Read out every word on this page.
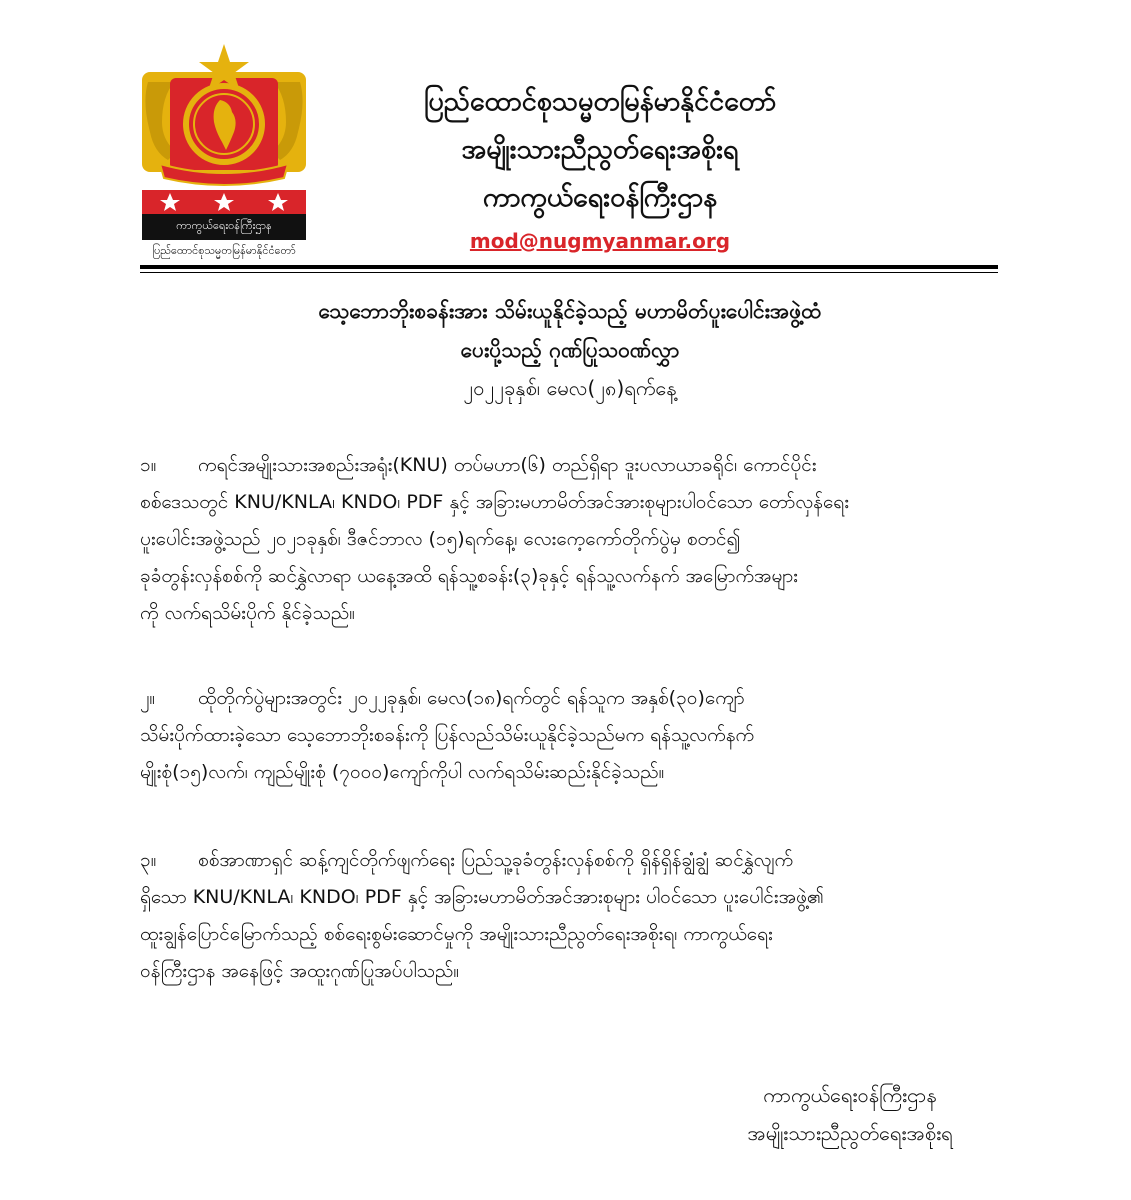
ကာကွယ်ရေးဝန်ကြီးဌာန
ပြည်ထောင်စုသမ္မတမြန်မာနိုင်ငံတော်
ပြည်ထောင်စုသမ္မတမြန်မာနိုင်ငံတော်
အမျိုးသားညီညွတ်ရေးအစိုးရ
ကာကွယ်ရေးဝန်ကြီးဌာန
mod@nugmyanmar.org
သေ့ဘောဘိုးစခန်းအား သိမ်းယူနိုင်ခဲ့သည့် မဟာမိတ်ပူးပေါင်းအဖွဲ့ထံ
ပေးပို့သည့် ဂုဏ်ပြုသဝဏ်လွှာ
၂၀၂၂ခုနှစ်၊ မေလ(၂၈)ရက်နေ့
၁။ ကရင်အမျိုးသားအစည်းအရုံး(KNU) တပ်မဟာ(၆) တည်ရှိရာ ဒူးပလာယာခရိုင်၊ ကောင်ပိုင်း
စစ်ဒေသတွင် KNU/KNLA၊ KNDO၊ PDF နှင့် အခြားမဟာမိတ်အင်အားစုများပါဝင်သော တော်လှန်ရေး
ပူးပေါင်းအဖွဲ့သည် ၂၀၂၁ခုနှစ်၊ ဒီဇင်ဘာလ (၁၅)ရက်နေ့၊ လေးကေ့ကော်တိုက်ပွဲမှ စတင်၍
ခုခံတွန်းလှန်စစ်ကို ဆင်နွှဲလာရာ ယနေ့အထိ ရန်သူ့စခန်း(၃)ခုနှင့် ရန်သူ့လက်နက် အမြောက်အများ
ကို လက်ရသိမ်းပိုက် နိုင်ခဲ့သည်။
၂။ ထိုတိုက်ပွဲများအတွင်း ၂၀၂၂ခုနှစ်၊ မေလ(၁၈)ရက်တွင် ရန်သူက အနှစ်(၃၀)ကျော်
သိမ်းပိုက်ထားခဲ့သော သေ့ဘောဘိုးစခန်းကို ပြန်လည်သိမ်းယူနိုင်ခဲ့သည်မက ရန်သူ့လက်နက်
မျိုးစုံ(၁၅)လက်၊ ကျည်မျိုးစုံ (၇၀၀၀)ကျော်ကိုပါ လက်ရသိမ်းဆည်းနိုင်ခဲ့သည်။
၃။ စစ်အာဏာရှင် ဆန့်ကျင်တိုက်ဖျက်ရေး ပြည်သူ့ခုခံတွန်းလှန်စစ်ကို ရှိန်ရှိန်ချွံချွံ ဆင်နွှဲလျက်
ရှိသော KNU/KNLA၊ KNDO၊ PDF နှင့် အခြားမဟာမိတ်အင်အားစုများ ပါဝင်သော ပူးပေါင်းအဖွဲ့၏
ထူးချွန်ပြောင်မြောက်သည့် စစ်ရေးစွမ်းဆောင်မှုကို အမျိုးသားညီညွတ်ရေးအစိုးရ၊ ကာကွယ်ရေး
ဝန်ကြီးဌာန အနေဖြင့် အထူးဂုဏ်ပြုအပ်ပါသည်။
ကာကွယ်ရေးဝန်ကြီးဌာန
အမျိုးသားညီညွတ်ရေးအစိုးရ
